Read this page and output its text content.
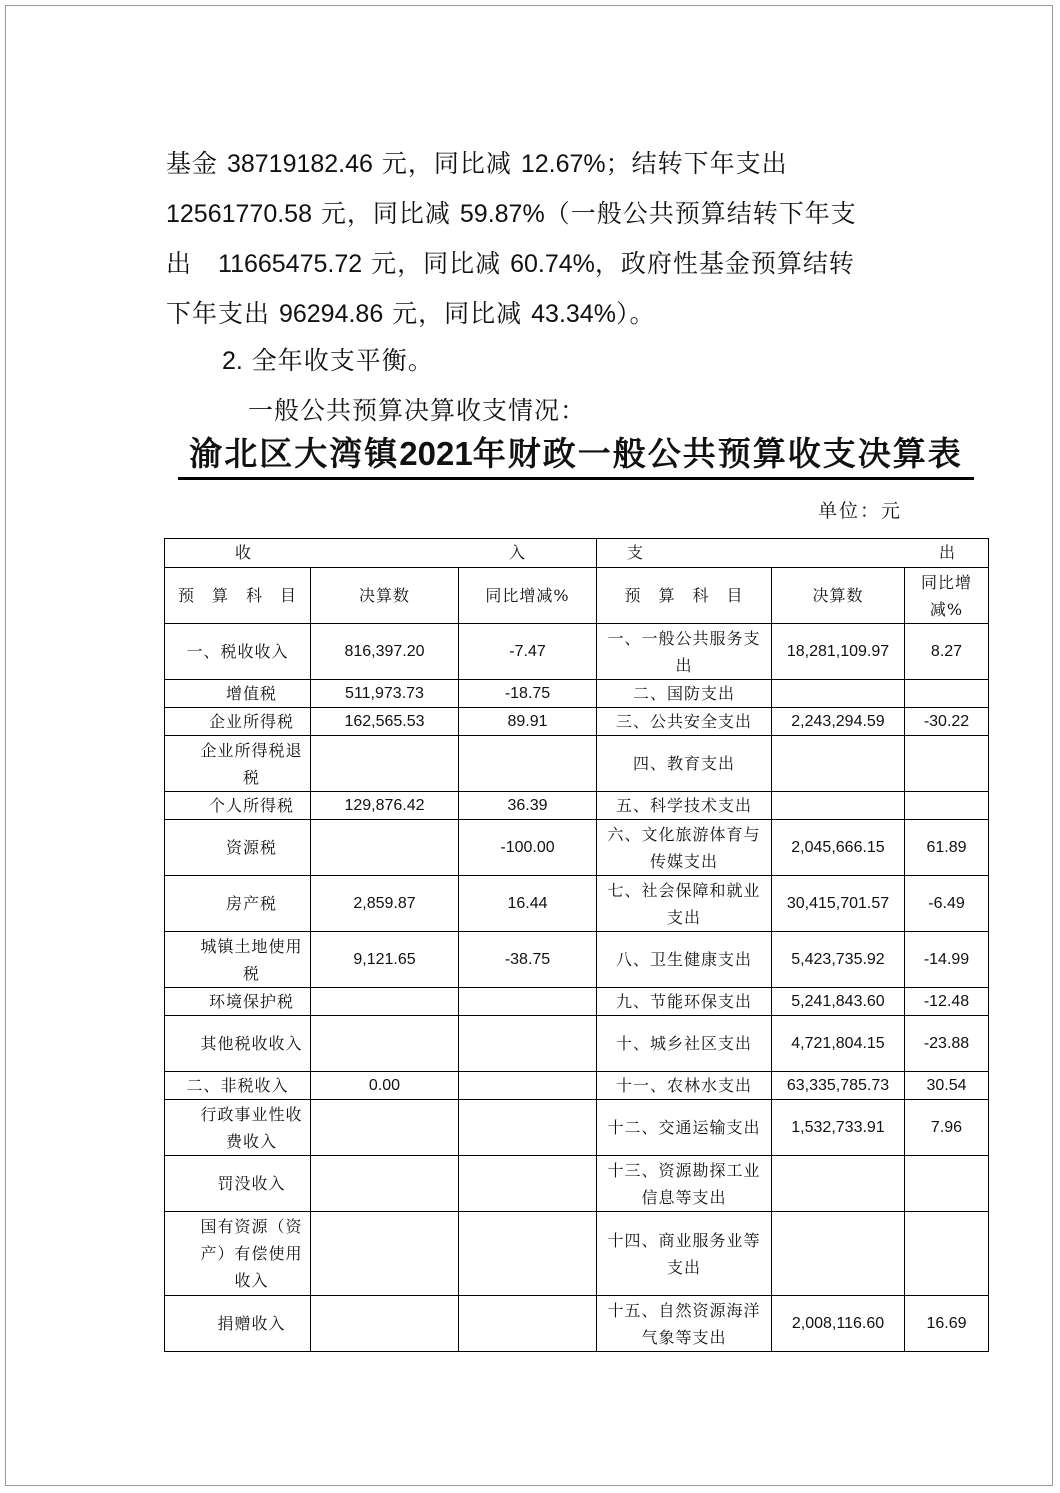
基金 38719182.46 元，同比减 12.67%；结转下年支出

12561770.58 元，同比减 59.87%（一般公共预算结转下年支

出　11665475.72 元，同比减 60.74%，政府性基金预算结转

下年支出 96294.86 元，同比减 43.34%）。

2. 全年收支平衡。
一般公共预算决算收支情况：
渝北区大湾镇2021年财政一般公共预算收支决算表
单位：元
收 入			支 出		

预　算　科　目	决算数	同比增减%	预　算　科　目	决算数	同比增减%
一、税收收入	816,397.20	-7.47	一、一般公共服务支出	18,281,109.97	8.27
增值税	511,973.73	-18.75	二、国防支出		
企业所得税	162,565.53	89.91	三、公共安全支出	2,243,294.59	-30.22
企业所得税退税			四、教育支出		
个人所得税	129,876.42	36.39	五、科学技术支出		
资源税		-100.00	六、文化旅游体育与传媒支出	2,045,666.15	61.89
房产税	2,859.87	16.44	七、社会保障和就业支出	30,415,701.57	-6.49
城镇土地使用税	9,121.65	-38.75	八、卫生健康支出	5,423,735.92	-14.99
环境保护税			九、节能环保支出	5,241,843.60	-12.48
其他税收收入			十、城乡社区支出	4,721,804.15	-23.88
二、非税收入	0.00		十一、农林水支出	63,335,785.73	30.54
行政事业性收费收入			十二、交通运输支出	1,532,733.91	7.96
罚没收入			十三、资源勘探工业信息等支出		
国有资源（资产）有偿使用收入			十四、商业服务业等支出		
捐赠收入			十五、自然资源海洋气象等支出	2,008,116.60	16.69
